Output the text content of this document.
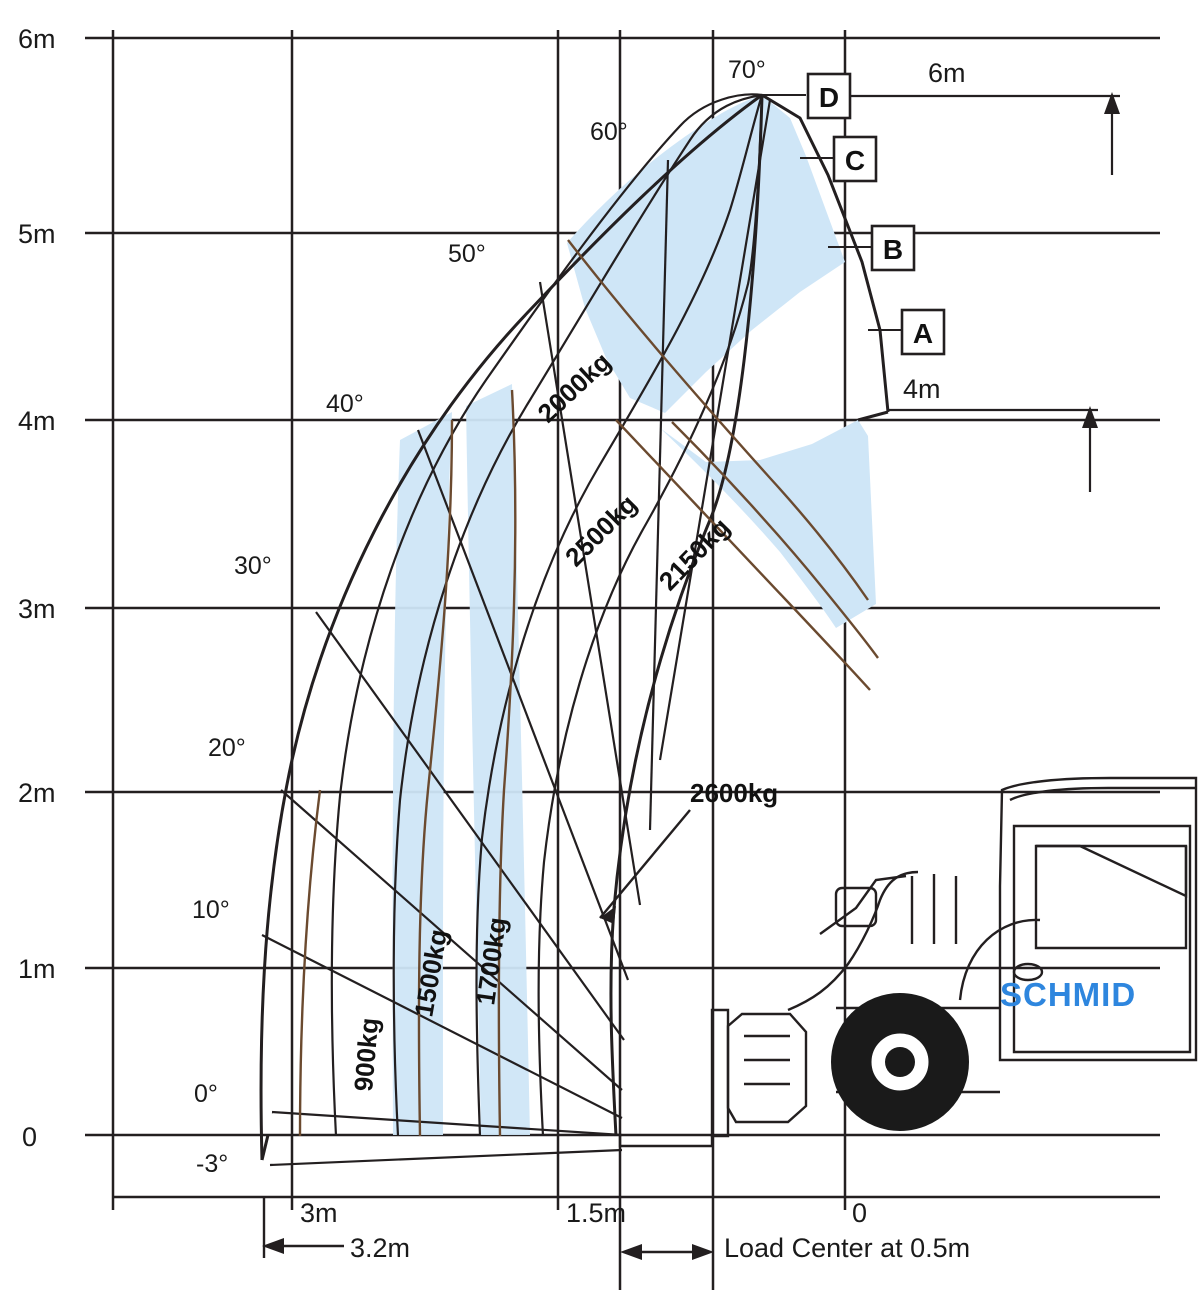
D
C
B
A
6m
4m
3.2m	Load Center at 0.5m
6m
5m
4m
3m
2m
1m
0
3m	1.5m	0
70°
60°
50°
40°
30°
20°
10°
0°
-3°
900kg
1500kg 1700kg
2000kg
2500kg 2150kg
2600kg
SCHMID
